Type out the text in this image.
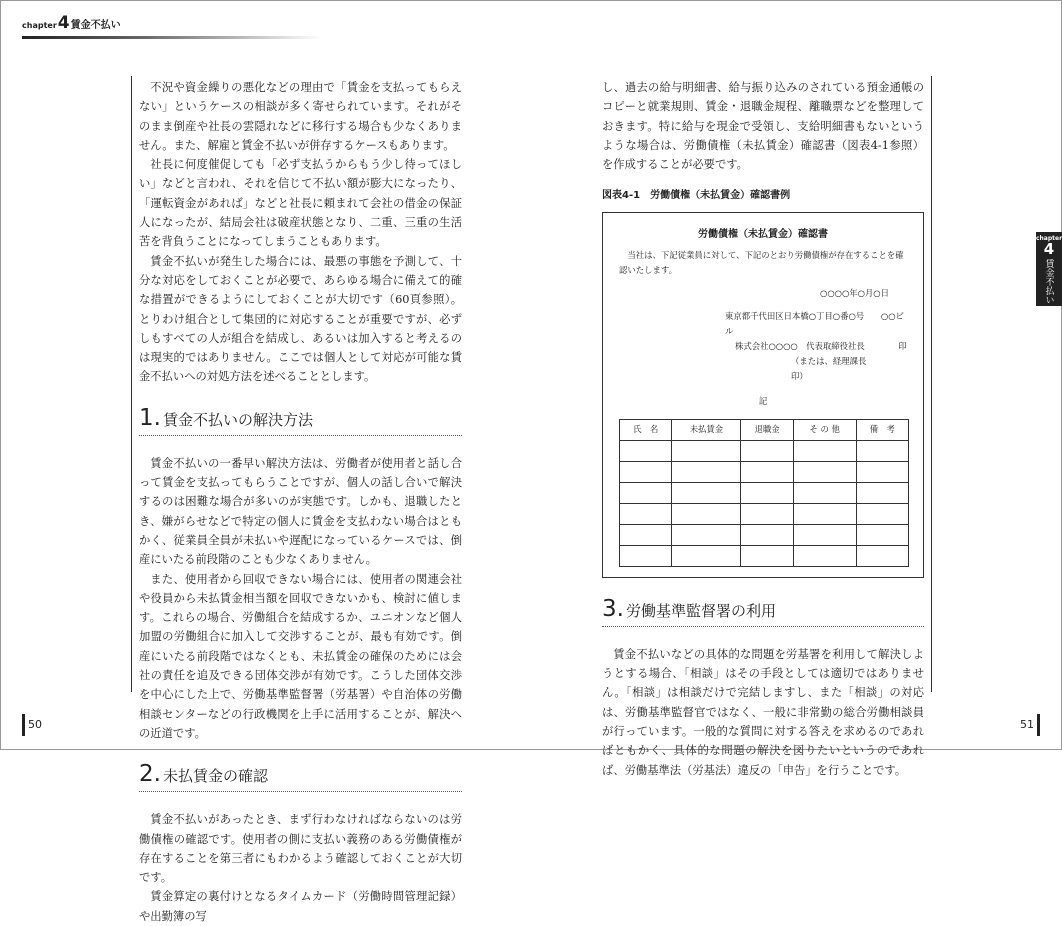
chapter 4 賃金不払い

不況や資金繰りの悪化などの理由で「賃金を支払ってもらえない」というケースの相談が多く寄せられています。それがそのまま倒産や社長の雲隠れなどに移行する場合も少なくありません。また、解雇と賃金不払いが併存するケースもあります。

社長に何度催促しても「必ず支払うからもう少し待ってほしい」などと言われ、それを信じて不払い額が膨大になったり、「運転資金があれば」などと社長に頼まれて会社の借金の保証人になったが、結局会社は破産状態となり、二重、三重の生活苦を背負うことになってしまうこともあります。

賃金不払いが発生した場合には、最悪の事態を予測して、十分な対応をしておくことが必要で、あらゆる場合に備えて的確な措置ができるようにしておくことが大切です（60頁参照）。とりわけ組合として集団的に対応することが重要ですが、必ずしもすべての人が組合を結成し、あるいは加入すると考えるのは現実的ではありません。ここでは個人として対応が可能な賃金不払いへの対処方法を述べることとします。

1. 賃金不払いの解決方法

賃金不払いの一番早い解決方法は、労働者が使用者と話し合って賃金を支払ってもらうことですが、個人の話し合いで解決するのは困難な場合が多いのが実態です。しかも、退職したとき、嫌がらせなどで特定の個人に賃金を支払わない場合はともかく、従業員全員が未払いや遅配になっているケースでは、倒産にいたる前段階のことも少なくありません。

また、使用者から回収できない場合には、使用者の関連会社や役員から未払賃金相当額を回収できないかも、検討に値します。これらの場合、労働組合を結成するか、ユニオンなど個人加盟の労働組合に加入して交渉することが、最も有効です。倒産にいたる前段階ではなくとも、未払賃金の確保のためには会社の責任を追及できる団体交渉が有効です。こうした団体交渉を中心にした上で、労働基準監督署（労基署）や自治体の労働相談センターなどの行政機関を上手に活用することが、解決への近道です。

2. 未払賃金の確認

賃金不払いがあったとき、まず行わなければならないのは労働債権の確認です。使用者の側に支払い義務のある労働債権が存在することを第三者にもわかるよう確認しておくことが大切です。

賃金算定の裏付けとなるタイムカード（労働時間管理記録）や出勤簿の写

し、過去の給与明細書、給与振り込みのされている預金通帳のコピーと就業規則、賃金・退職金規程、離職票などを整理しておきます。特に給与を現金で受領し、支給明細書もないというような場合は、労働債権（未払賃金）確認書（図表4-1参照）を作成することが必要です。

図表4-1　労働債権（未払賃金）確認書例
労働債権（未払賃金）確認書
当社は、下記従業員に対して、下記のとおり労働債権が存在することを確認いたします。
○○○○年○月○日
東京都千代田区日本橋○丁目○番○号　　○○ビル
株式会社○○○○　代表取締役社長　　　　印
（または、経理課長　　　　印）
記
氏　名	未払賃金	退職金	そ の 他	備　考

3. 労働基準監督署の利用

賃金不払いなどの具体的な問題を労基署を利用して解決しようとする場合、「相談」はその手段としては適切ではありません。「相談」は相談だけで完結しますし、また「相談」の対応は、労働基準監督官ではなく、一般に非常勤の総合労働相談員が行っています。一般的な質問に対する答えを求めるのであればともかく、具体的な問題の解決を図りたいというのであれば、労働基準法（労基法）違反の「申告」を行うことです。

chapter
4
賃金不払い
50	51
